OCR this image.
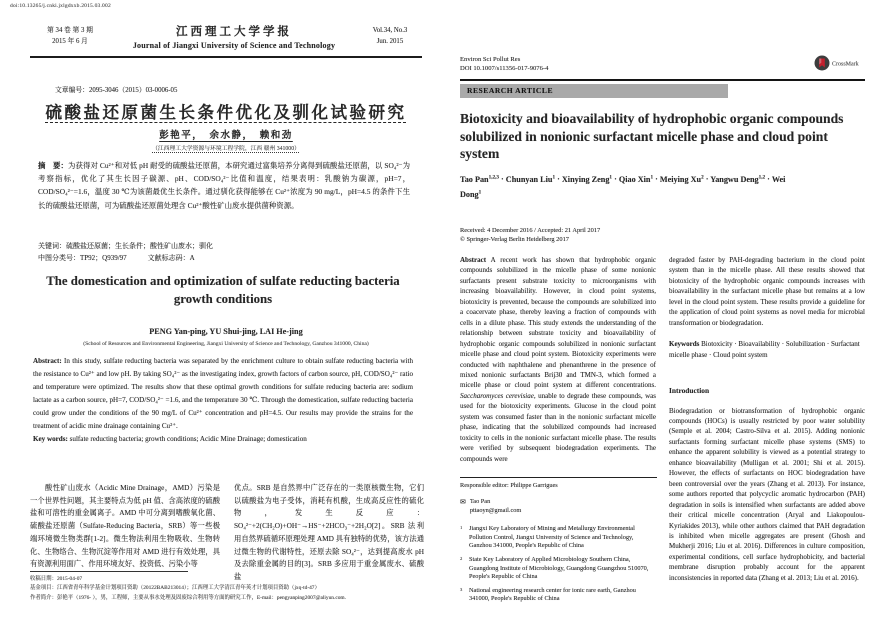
doi:10.13265/j.cnki.jxlgdxxb.2015.03.002
第 34 卷 第 3 期
2015 年 6 月
江西理工大学学报
Journal of Jiangxi University of Science and Technology
Vol.34, No.3
Jun. 2015
文章编号：2095-3046（2015）03-0006-05
硫酸盐还原菌生长条件优化及驯化试验研究
彭艳平，　余水静，　赖和劲
（江西理工大学资源与环境工程学院，江西 赣州 341000）
摘　要：为获得对 Cu²⁺和对低 pH 耐受的硫酸盐还原菌，本研究通过富集培养分离得到硫酸盐还原菌，以 SO₄²⁻为考察指标，优化了其生长因子碳源、pH、COD/SO₄²⁻比值和温度，结果表明：乳酸钠为碳源，pH=7，COD/SO₄²⁻=1.6，温度 30 ℃为该菌最优生长条件。通过驯化获得能够在 Cu²⁺浓度为 90 mg/L，pH=4.5 的条件下生长的硫酸盐还原菌，可为硫酸盐还原菌处理含 Cu²⁺酸性矿山废水提供菌种资源。
关键词：硫酸盐还原菌；生长条件；酸性矿山废水；驯化
中图分类号：TP92；Q939/97　　　文献标志码：A
The domestication and optimization of sulfate reducting bacteria growth conditions
PENG Yan-ping, YU Shui-jing, LAI He-jing
(School of Resources and Environmental Engineering, Jiangxi University of Science and Technology, Ganzhou 341000, China)
Abstract: In this study, sulfate reducting bacteria was separated by the enrichment culture to obtain sulfate reducting bacteria with the resistance to Cu²⁺ and low pH. By taking SO₄²⁻ as the investigating index, growth factors of carbon source, pH, COD/SO₄²⁻ ratio and temperature were optimized. The results show that these optimal growth conditions for sulfate reducing bacteria are: sodium lactate as a carbon source, pH=7, COD/SO₄²⁻ =1.6, and the temperature 30 ℃. Through the domestication, sulfate reducting bacteria could grow under the conditions of the 90 mg/L of Cu²⁺ concentration and pH=4.5. Our results may provide the strains for the treatment of acidic mine drainage containing Cu²⁺.
Key words: sulfate reducting bacteria; growth conditions; Acidic Mine Drainage; domestication
酸性矿山废水（Acidic Mine Drainage，AMD）污染是一个世界性问题，其主要特点为低 pH 值、含高浓度的硫酸盐和可溶性的重金属离子。AMD 中可分离到嗜酸氧化菌、硫酸盐还原菌（Sulfate-Reducing Bacteria，SRB）等一些极端环境微生物类群[1-2]。微生物法利用生物吸收、生物转化、生物络合、生物沉淀等作用对 AMD 进行有效处理，具有资源利用面广、作用环境友好、投资低、污染小等
优点。SRB 是自然界中广泛存在的一类原核微生物，它们以硫酸盐为电子受体，消耗有机酸，生成高反应性的硫化物，发生反应：SO₄²⁻+2(CH₂O)+OH⁻→HS⁻+2HCO₃⁻+2H₂O[2]。SRB 法利用自然界硫循环原理处理 AMD 具有独特的优势，该方法通过微生物的代谢特性，还原去除 SO₄²⁻，达到提高废水 pH 及去除重金属的目的[3]。SRB 多应用于重金属废水、硫酸盐
收稿日期：2015-04-07
基金项目：江西省青年科学基金计划项目资助（20122BAB213014）；江西理工大学清江青年英才计划项目资助（jxq-td-47）
作者简介：彭艳平（1976- ），男，工程师，主要从事水处理及固废综合利用等方面的研究工作，E-mail：pengyanping2007@aliyun.com.
Environ Sci Pollut Res
DOI 10.1007/s11356-017-9076-4
CrossMark
RESEARCH ARTICLE
Biotoxicity and bioavailability of hydrophobic organic compounds solubilized in nonionic surfactant micelle phase and cloud point system
Tao Pan$^{1,2,3}$ · Chunyan Liu$^1$ · Xinying Zeng$^1$ · Qiao Xin$^1$ · Meiying $Xu^2$ · Yangwu Deng$^{1,2}$ · Wei Dong$^1$
Received: 4 December 2016 / Accepted: 21 April 2017
© Springer-Verlag Berlin Heidelberg 2017
Abstract A recent work has shown that hydrophobic organic compounds solubilized in the micelle phase of some nonionic surfactants present substrate toxicity to microorganisms with increasing bioavailability. However, in cloud point systems, biotoxicity is prevented, because the compounds are solubilized into a coacervate phase, thereby leaving a fraction of compounds with cells in a dilute phase. This study extends the understanding of the relationship between substrate toxicity and bioavailability of hydrophobic organic compounds solubilized in nonionic surfactant micelle phase and cloud point system. Biotoxicity experiments were conducted with naphthalene and phenanthrene in the presence of mixed nonionic surfactants Brij30 and TMN-3, which formed a micelle phase or cloud point system at different concentrations. Saccharomyces cerevisiae, unable to degrade these compounds, was used for the biotoxicity experiments. Glucose in the cloud point system was consumed faster than in the nonionic surfactant micelle phase, indicating that the solubilized compounds had increased toxicity to cells in the nonionic surfactant micelle phase. The results were verified by subsequent biodegradation experiments. The compounds were
degraded faster by PAH-degrading bacterium in the cloud point system than in the micelle phase. All these results showed that biotoxicity of the hydrophobic organic compounds increases with bioavailability in the surfactant micelle phase but remains at a low level in the cloud point system. These results provide a guideline for the application of cloud point systems as novel media for microbial transformation or biodegradation.
Keywords Biotoxicity · Bioavailability · Solubilization · Surfactant micelle phase · Cloud point system
Introduction
Biodegradation or biotransformation of hydrophobic organic compounds (HOCs) is usually restricted by poor water solubility (Semple et al. 2004; Castro-Silva et al. 2015). Adding nonionic surfactants forming surfactant micelle phase systems (SMS) to enhance the apparent solubility is viewed as a potential strategy to enhance bioavailability (Mulligan et al. 2001; Shi et al. 2015). However, the effects of surfactants on HOC biodegradation have been controversial over the years (Zhang et al. 2013). For instance, some authors reported that polycyclic aromatic hydrocarbon (PAH) degradation in soils is intensified when surfactants are added above their critical micelle concentration (Aryal and Liakopoulou-Kyriakides 2013), while other authors claimed that PAH degradation is inhibited when micelle aggregates are present (Ghosh and Mukherji 2016; Liu et al. 2016). Differences in culture composition, experimental conditions, cell surface hydrophobicity, and bacterial membrane disruption probably account for the apparent inconsistencies in reported data (Zhang et al. 2013; Liu et al. 2016).
Responsible editor: Philippe Garrigues
✉ Tao Pan
pttaoyn@gmail.com
1	Jiangxi Key Laboratory of Mining and Metallurgy Environmental Pollution Control, Jiangxi University of Science and Technology, Ganzhou 341000, People's Republic of China
2	State Key Laboratory of Applied Microbiology Southern China, Guangdong Institute of Microbiology, Guangdong Guangzhou 510070, People's Republic of China
3	National engineering research center for ionic rare earth, Ganzhou 341000, People's Republic of China
